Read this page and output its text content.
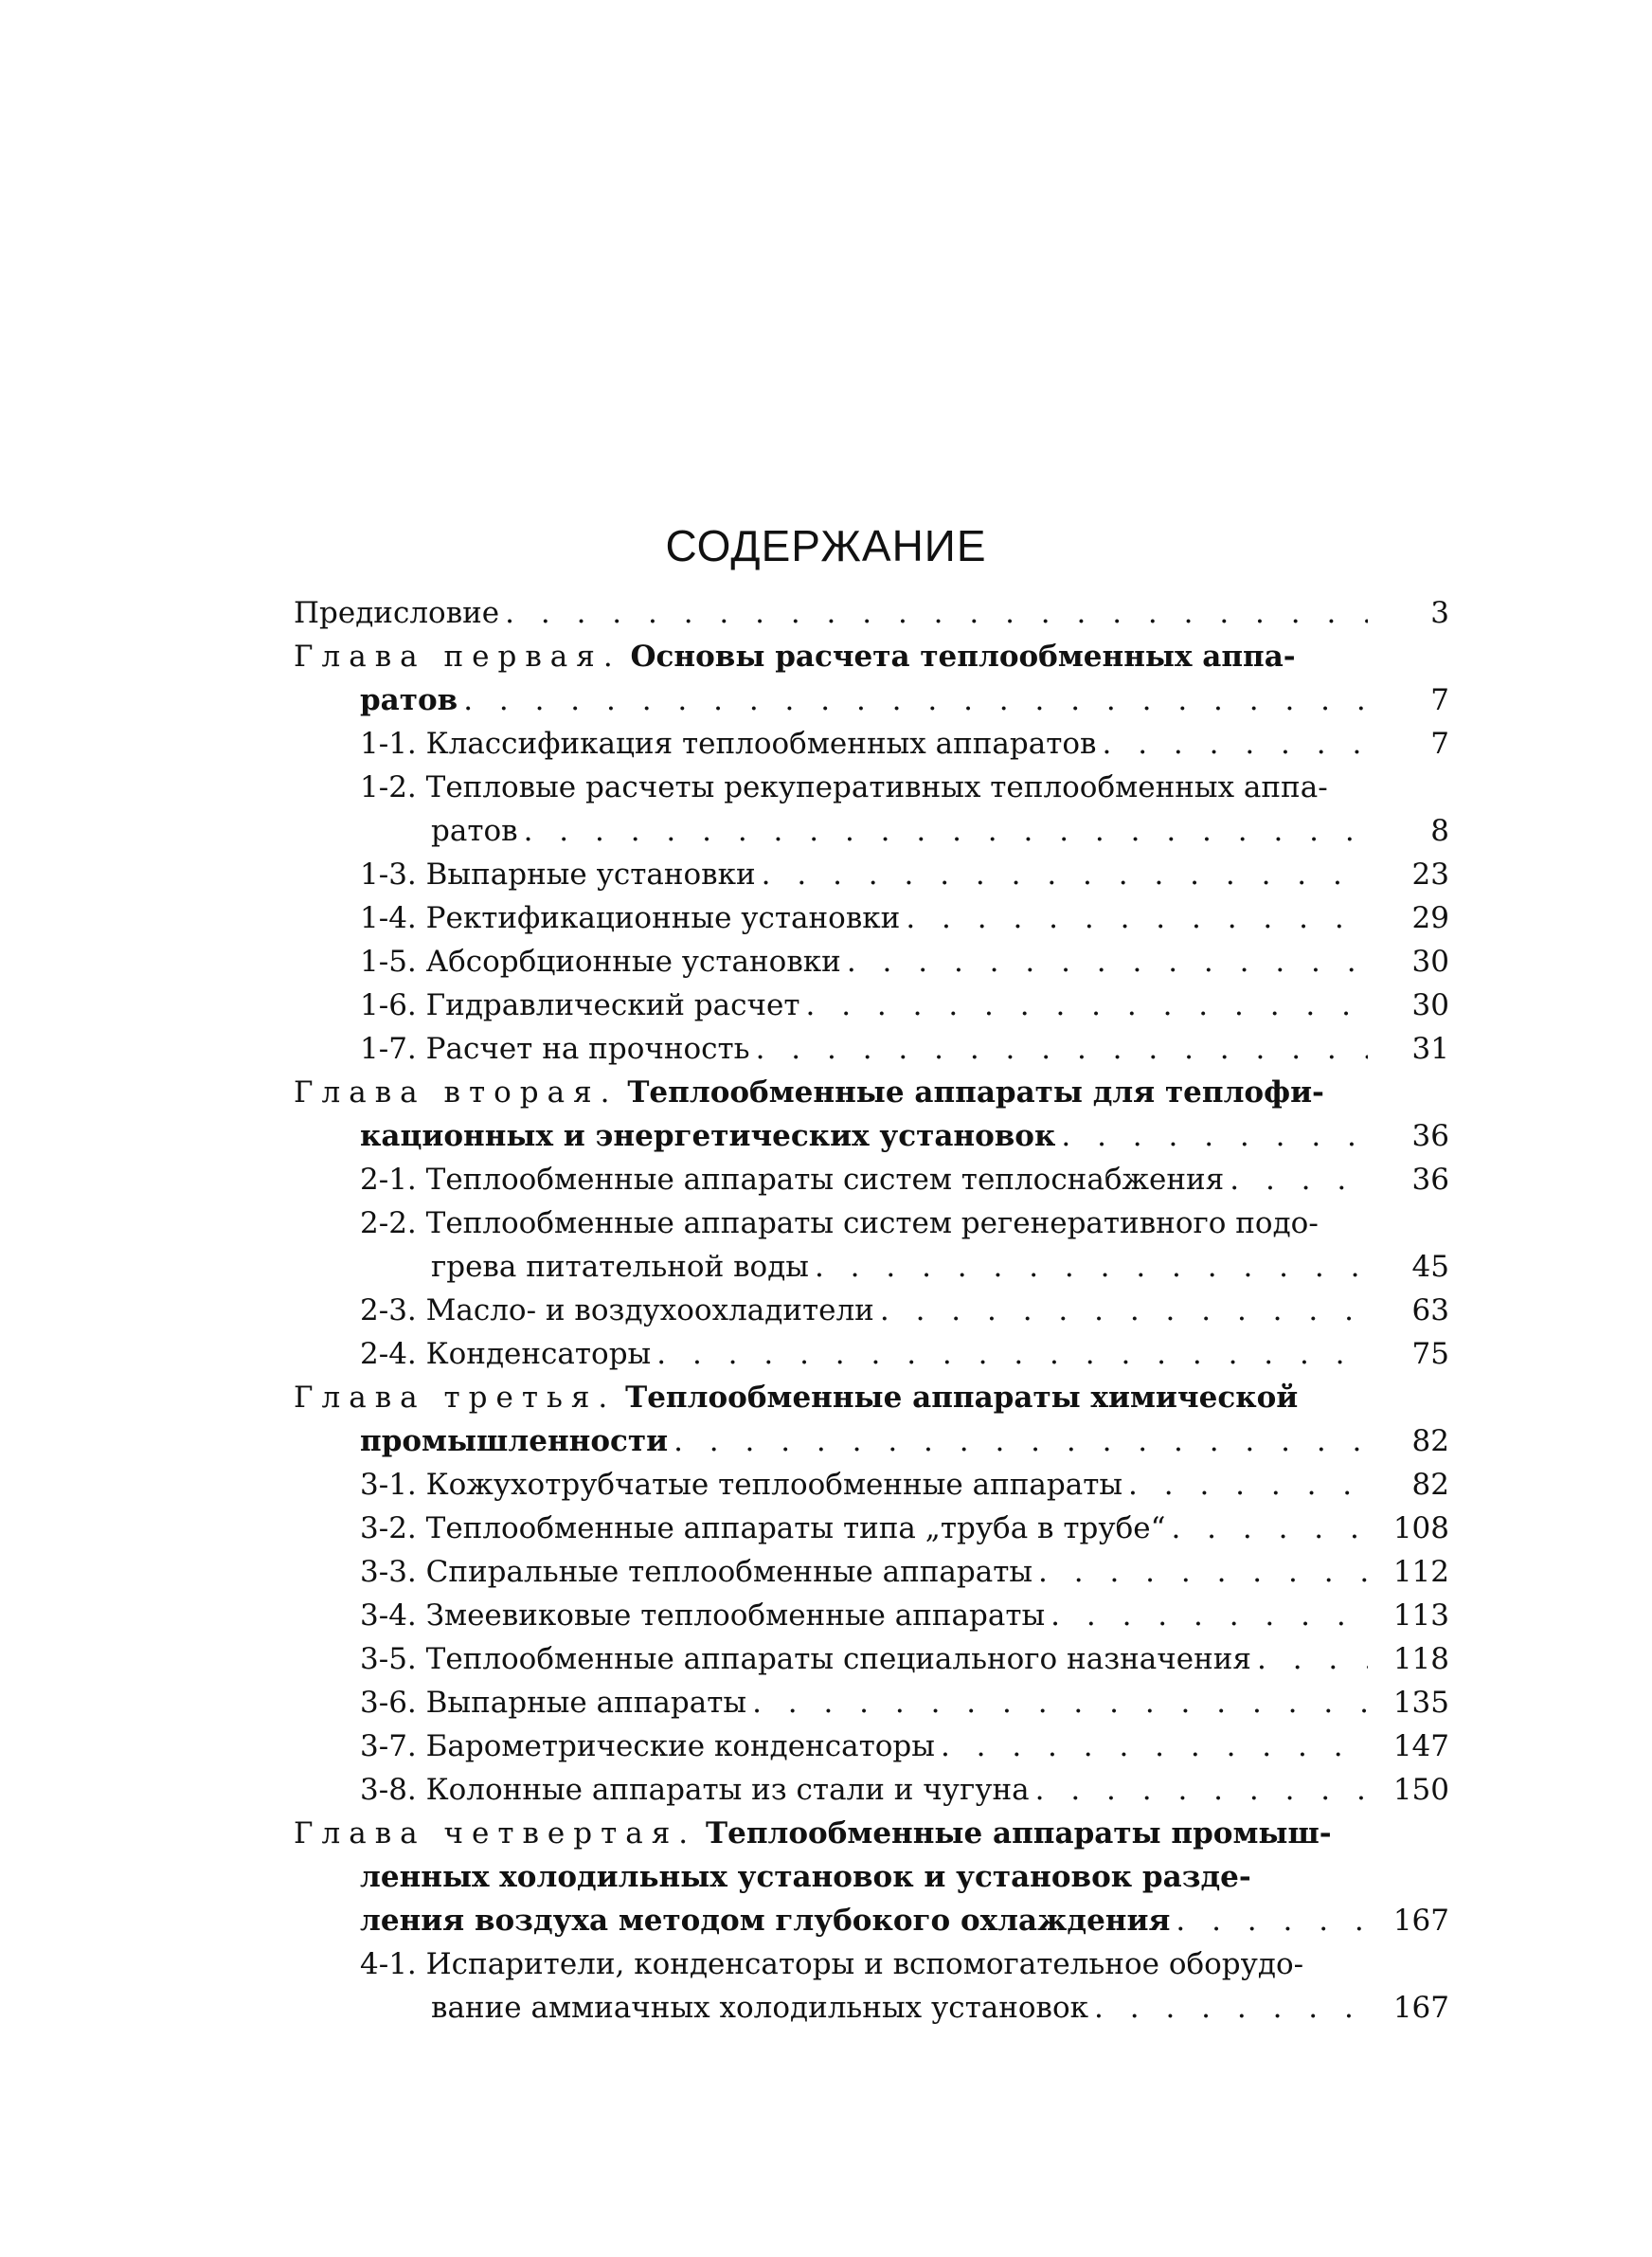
СОДЕРЖАНИЕ
Предисловие . . .	3
Глава первая. Основы расчета теплообменных аппа-
ратов . . .	7
1-1. Классификация теплообменных аппаратов . . .	7
1-2. Тепловые расчеты рекуперативных теплообменных аппа-
ратов . . .	8
1-3. Выпарные установки . . .	23
1-4. Ректификационные установки . . .	29
1-5. Абсорбционные установки . . .	30
1-6. Гидравлический расчет . . .	30
1-7. Расчет на прочность . . .	31
Глава вторая. Теплообменные аппараты для теплофи-
кационных и энергетических установок . . .	36
2-1. Теплообменные аппараты систем теплоснабжения . . .	36
2-2. Теплообменные аппараты систем регенеративного подо-
грева питательной воды . . .	45
2-3. Масло- и воздухоохладители . . .	63
2-4. Конденсаторы . . .	75
Глава третья. Теплообменные аппараты химической
промышленности . . .	82
3-1. Кожухотрубчатые теплообменные аппараты . . .	82
3-2. Теплообменные аппараты типа „труба в трубе“ . . .	108
3-3. Спиральные теплообменные аппараты . . .	112
3-4. Змеевиковые теплообменные аппараты . . .	113
3-5. Теплообменные аппараты специального назначения . . .	118
3-6. Выпарные аппараты . . .	135
3-7. Барометрические конденсаторы . . .	147
3-8. Колонные аппараты из стали и чугуна . . .	150
Глава четвертая. Теплообменные аппараты промыш-
ленных холодильных установок и установок разде-
ления воздуха методом глубокого охлаждения . . .	167
4-1. Испарители, конденсаторы и вспомогательное оборудо-
вание аммиачных холодильных установок . . .	167
